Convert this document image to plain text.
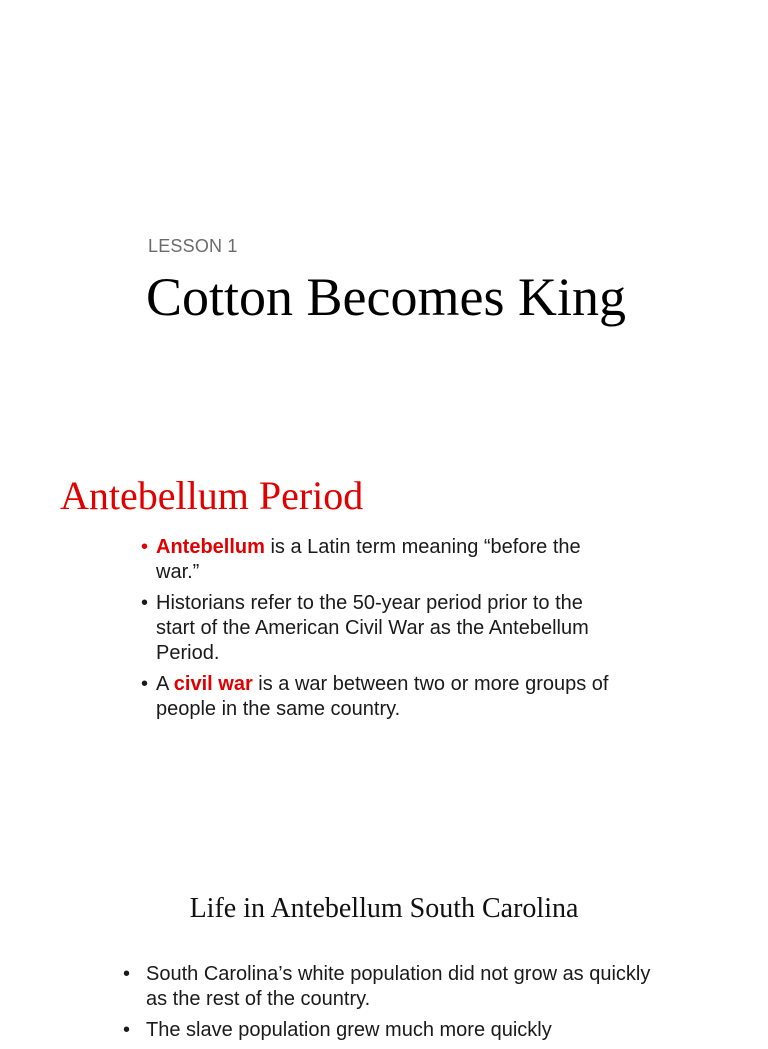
LESSON 1
Cotton Becomes King
Antebellum Period
• Antebellum is a Latin term meaning “before the war.”
• Historians refer to the 50-year period prior to the start of the American Civil War as the Antebellum Period.
• A civil war is a war between two or more groups of people in the same country.
Life in Antebellum South Carolina
• South Carolina’s white population did not grow as quickly as the rest of the country.
• The slave population grew much more quickly
